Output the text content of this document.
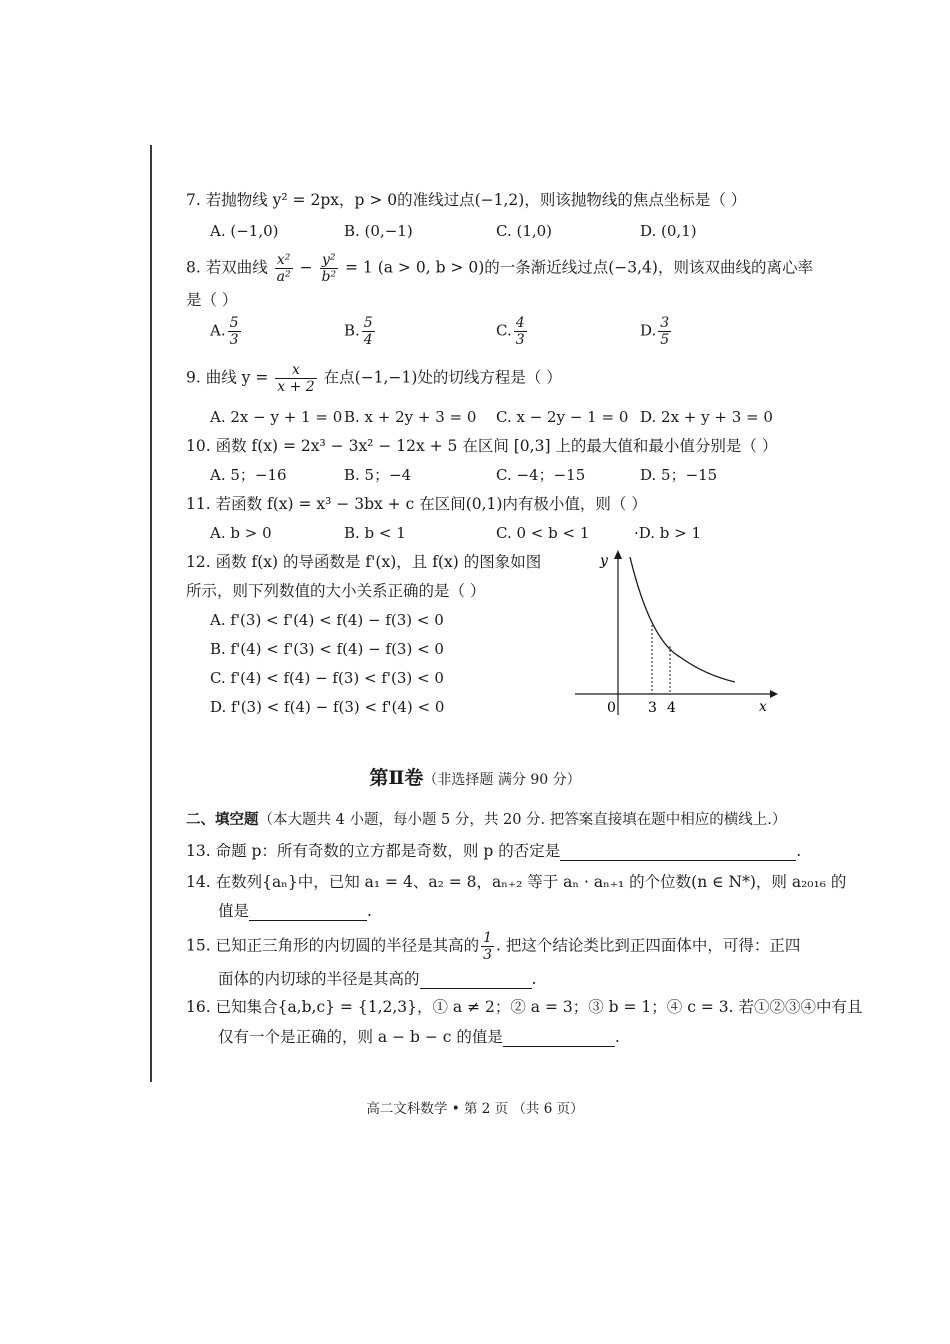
7. 若抛物线 y² = 2px，p > 0的准线过点(−1,2)，则该抛物线的焦点坐标是（ ）
A. (−1,0)	B. (0,−1)	C. (1,0)	D. (0,1)
8. 若双曲线 $\frac{\text{x²}}{\text{a²}} - \frac{\text{y²}}{\text{b²}} = 1$ (a > 0, b > 0)的一条渐近线过点(−3,4)，则该双曲线的离心率
是（ ）
A. $\frac{5}{3}$	B. $\frac{5}{4}$	C. $\frac{4}{3}$	D. $\frac{3}{5}$
9. 曲线 $y = \frac{x}{x + 2}$ 在点(−1,−1)处的切线方程是（ ）
A. 2x − y + 1 = 0 B. x + 2y + 3 = 0 C. x − 2y − 1 = 0 D. 2x + y + 3 = 0
10. 函数 f(x) = 2x³ − 3x² − 12x + 5 在区间 [0,3] 上的最大值和最小值分别是（ ）
A. 5；−16	B. 5；−4	C. −4；−15	D. 5；−15
11. 若函数 f(x) = x³ − 3bx + c 在区间(0,1)内有极小值，则（ ）
A. b > 0	B. b < 1	C. 0 < b < 1	·D. b > 1
12. 函数 f(x) 的导函数是 f'(x)，且 f(x) 的图象如图
所示，则下列数值的大小关系正确的是（ ）
A. f'(3) < f'(4) < f(4) − f(3) < 0
B. f'(4) < f'(3) < f(4) − f(3) < 0
C. f'(4) < f(4) − f(3) < f'(3) < 0
D. f'(3) < f(4) − f(3) < f'(4) < 0
y
x
0 3 4
第Ⅱ卷（非选择题 满分 90 分）
二、填空题（本大题共 4 小题，每小题 5 分，共 20 分. 把答案直接填在题中相应的横线上.）
13. 命题 p：所有奇数的立方都是奇数，则 p 的否定是	.
14. 在数列{aₙ}中，已知 a₁ = 4、a₂ = 8，aₙ₊₂ 等于 aₙ · aₙ₊₁ 的个位数(n ∈ N*)，则 a₂₀₁₆ 的
值是	.
15. 已知正三角形的内切圆的半径是其高的 $\frac{1}{3}$ . 把这个结论类比到正四面体中，可得：正四
面体的内切球的半径是其高的	.
16. 已知集合{a,b,c} = {1,2,3}，① a ≠ 2；② a = 3；③ b = 1；④ c = 3. 若①②③④中有且
仅有一个是正确的，则 a − b − c 的值是	.
高二文科数学 • 第 2 页 （共 6 页）
